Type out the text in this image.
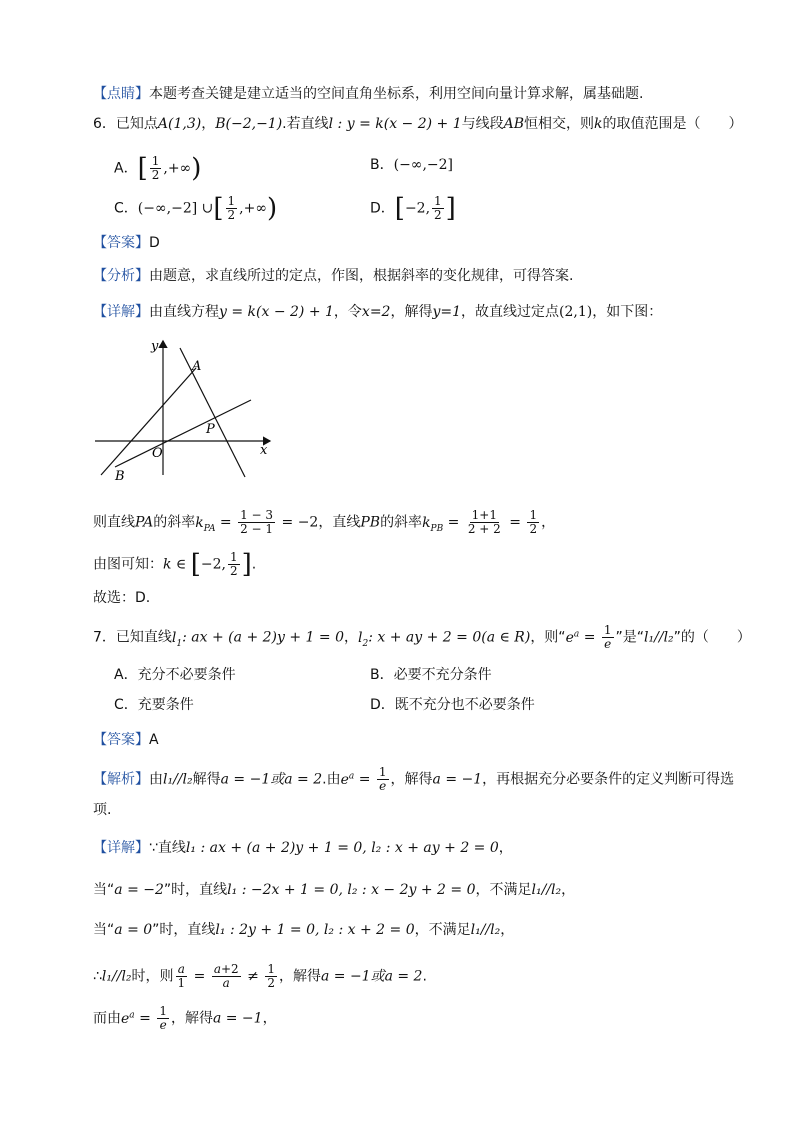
【点睛】本题考查关键是建立适当的空间直角坐标系，利用空间向量计算求解，属基础题.
6．已知点A(1,3)，B(−2,−1).若直线l : y = k(x − 2) + 1与线段AB恒相交，则k的取值范围是（　　）
A．[ $\frac{1}{2}$ ,+∞)	B．(−∞,−2]
C．(−∞,−2] ∪[ $\frac{1}{2}$ ,+∞)	D．[−2, $\frac{1}{2}$ ]
【答案】D
【分析】由题意，求直线所过的定点，作图，根据斜率的变化规律，可得答案.
【详解】由直线方程y = k(x − 2) + 1，令x=2，解得y=1，故直线过定点(2,1)，如下图：
y
x
A
P
O
B
则直线PA的斜率$k_{PA} = \frac{1 - 3}{2 - 1} = -2$，直线PB的斜率$k_{PB} = \frac{1+1}{2 + 2} = \frac{1}{2}$ ，
由图可知：k ∈ [−2, $\frac{1}{2}$ ].
故选：D.
7．已知直线$l_1$: ax + (a + 2)y + 1 = 0，$l_2$: x + ay + 2 = 0(a ∈ R)，则“$e^a = \frac{1}{e}$ ”是“l₁//l₂”的（　　）
A．充分不必要条件	B．必要不充分条件
C．充要条件	D．既不充分也不必要条件
【答案】A
【解析】由l₁//l₂解得a = −1或a = 2.由$e^a = \frac{1}{e}$ ，解得a = −1，再根据充分必要条件的定义判断可得选
项.
【详解】∵直线l₁ : ax + (a + 2)y + 1 = 0, l₂ : x + ay + 2 = 0，
当“a = −2”时，直线l₁ : −2x + 1 = 0, l₂ : x − 2y + 2 = 0，不满足l₁//l₂，
当“a = 0”时，直线l₁ : 2y + 1 = 0, l₂ : x + 2 = 0，不满足l₁//l₂，
∴l₁//l₂时，则 $\frac{a}{1} = \frac{a+2}{a} \ne \frac{1}{2}$ ，解得a = −1或a = 2.
而由$e^a = \frac{1}{e}$ ，解得a = −1，
